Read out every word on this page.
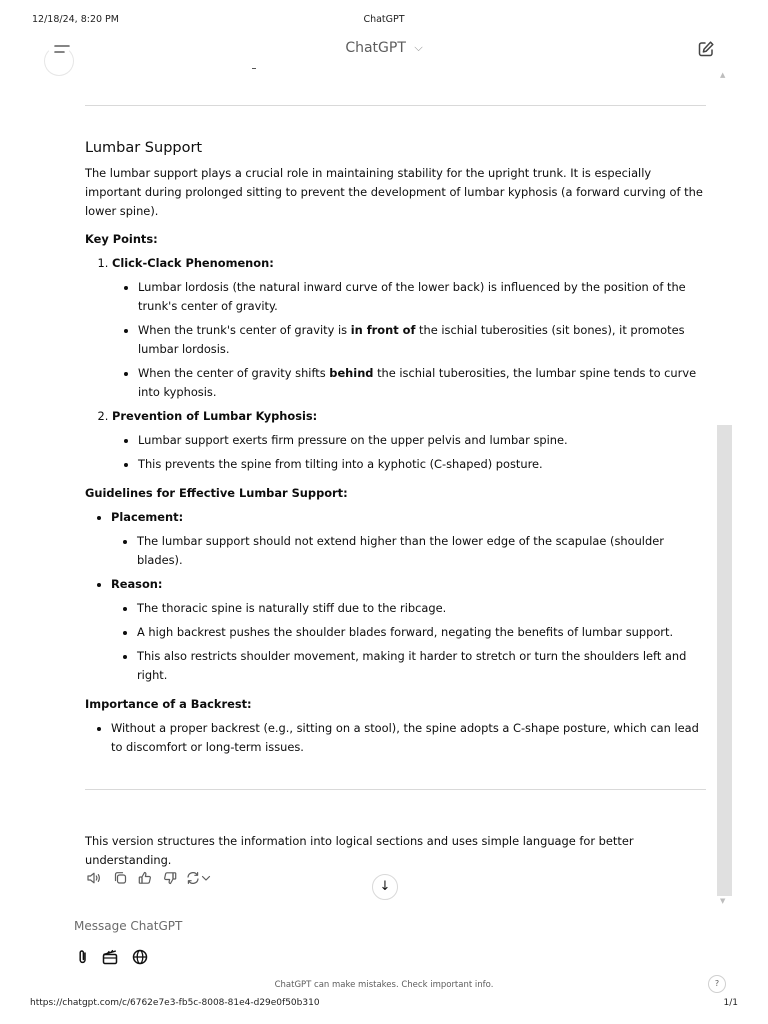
12/18/24, 8:20 PM	ChatGPT
ChatGPT ⌵
▲
Lumbar Support

The lumbar support plays a crucial role in maintaining stability for the upright trunk. It is especially important during prolonged sitting to prevent the development of lumbar kyphosis (a forward curving of the lower spine).

Key Points:

1. Click-Clack Phenomenon:
• Lumbar lordosis (the natural inward curve of the lower back) is influenced by the position of the trunk's center of gravity.
• When the trunk's center of gravity is in front of the ischial tuberosities (sit bones), it promotes lumbar lordosis.
• When the center of gravity shifts behind the ischial tuberosities, the lumbar spine tends to curve into kyphosis.
2. Prevention of Lumbar Kyphosis:
• Lumbar support exerts firm pressure on the upper pelvis and lumbar spine.
• This prevents the spine from tilting into a kyphotic (C-shaped) posture.

Guidelines for Effective Lumbar Support:

• Placement:
• The lumbar support should not extend higher than the lower edge of the scapulae (shoulder blades).
• Reason:
• The thoracic spine is naturally stiff due to the ribcage.
• A high backrest pushes the shoulder blades forward, negating the benefits of lumbar support.
• This also restricts shoulder movement, making it harder to stretch or turn the shoulders left and right.

Importance of a Backrest:

• Without a proper backrest (e.g., sitting on a stool), the spine adopts a C-shape posture, which can lead to discomfort or long-term issues.

This version structures the information into logical sections and uses simple language for better understanding.

↓
▼
Message ChatGPT
ChatGPT can make mistakes. Check important info.	?
https://chatgpt.com/c/6762e7e3-fb5c-8008-81e4-d29e0f50b310	1/1
